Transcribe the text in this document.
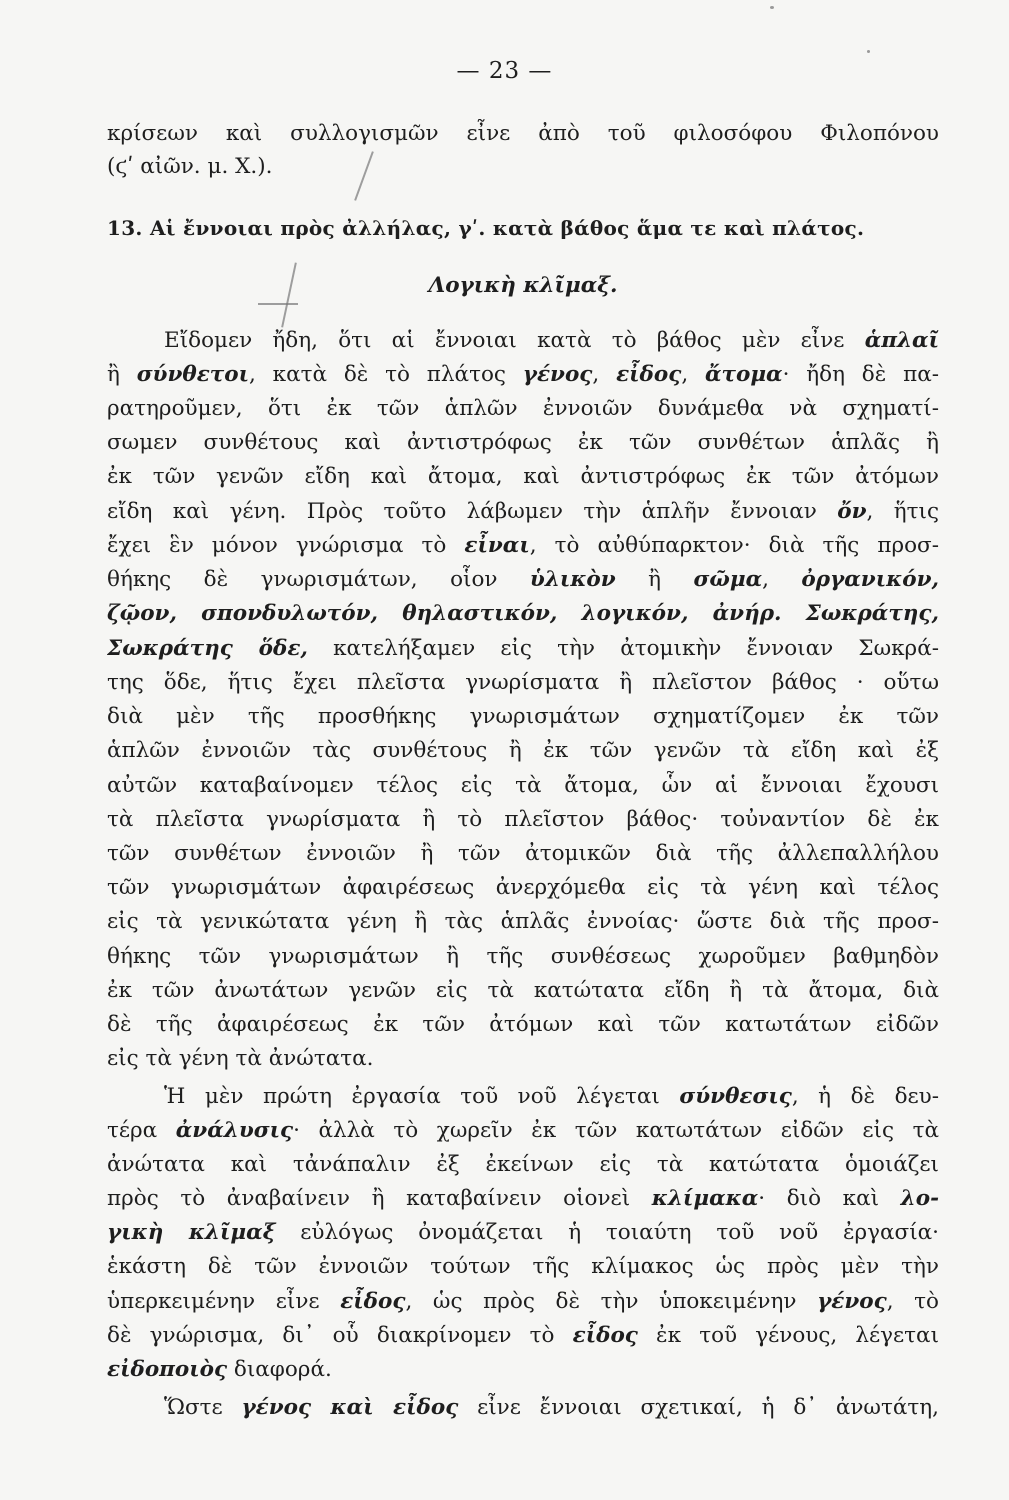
— 23 —
κρίσεων καὶ συλλογισμῶν εἶνε ἀπὸ τοῦ φιλοσόφου Φιλοπόνου
(ϛʹ αἰῶν. μ. Χ.).
13. Αἱ ἔννοιαι πρὸς ἀλλήλας, γʹ. κατὰ βάθος ἅμα τε καὶ πλάτος.
Λογικὴ κλῖμαξ.
Εἴδομεν ἤδη, ὅτι αἱ ἔννοιαι κατὰ τὸ βάθος μὲν εἶνε ἁπλαῖ
ἢ σύνθετοι, κατὰ δὲ τὸ πλάτος γένος, εἶδος, ἄτομα· ἤδη δὲ πα-
ρατηροῦμεν, ὅτι ἐκ τῶν ἁπλῶν ἐννοιῶν δυνάμεθα νὰ σχηματί-
σωμεν συνθέτους καὶ ἀντιστρόφως ἐκ τῶν συνθέτων ἁπλᾶς ἢ
ἐκ τῶν γενῶν εἴδη καὶ ἄτομα, καὶ ἀντιστρόφως ἐκ τῶν ἀτόμων
εἴδη καὶ γένη. Πρὸς τοῦτο λάβωμεν τὴν ἁπλῆν ἔννοιαν ὄν, ἥτις
ἔχει ἓν μόνον γνώρισμα τὸ εἶναι, τὸ αὐθύπαρκτον· διὰ τῆς προσ-
θήκης δὲ γνωρισμάτων, οἷον ὑλικὸν ἢ σῶμα, ὀργανικόν,
ζῷον, σπονδυλωτόν, θηλαστικόν, λογικόν, ἀνήρ. Σωκράτης,
Σωκράτης ὅδε, κατελήξαμεν εἰς τὴν ἀτομικὴν ἔννοιαν Σωκρά-
της ὅδε, ἥτις ἔχει πλεῖστα γνωρίσματα ἢ πλεῖστον βάθος · οὕτω
διὰ μὲν τῆς προσθήκης γνωρισμάτων σχηματίζομεν ἐκ τῶν
ἁπλῶν ἐννοιῶν τὰς συνθέτους ἢ ἐκ τῶν γενῶν τὰ εἴδη καὶ ἐξ
αὐτῶν καταβαίνομεν τέλος εἰς τὰ ἄτομα, ὧν αἱ ἔννοιαι ἔχουσι
τὰ πλεῖστα γνωρίσματα ἢ τὸ πλεῖστον βάθος· τοὐναντίον δὲ ἐκ
τῶν συνθέτων ἐννοιῶν ἢ τῶν ἀτομικῶν διὰ τῆς ἀλλεπαλλήλου
τῶν γνωρισμάτων ἀφαιρέσεως ἀνερχόμεθα εἰς τὰ γένη καὶ τέλος
εἰς τὰ γενικώτατα γένη ἢ τὰς ἁπλᾶς ἐννοίας· ὥστε διὰ τῆς προσ-
θήκης τῶν γνωρισμάτων ἢ τῆς συνθέσεως χωροῦμεν βαθμηδὸν
ἐκ τῶν ἀνωτάτων γενῶν εἰς τὰ κατώτατα εἴδη ἢ τὰ ἄτομα, διὰ
δὲ τῆς ἀφαιρέσεως ἐκ τῶν ἀτόμων καὶ τῶν κατωτάτων εἰδῶν
εἰς τὰ γένη τὰ ἀνώτατα.
Ἡ μὲν πρώτη ἐργασία τοῦ νοῦ λέγεται σύνθεσις, ἡ δὲ δευ-
τέρα ἀνάλυσις· ἀλλὰ τὸ χωρεῖν ἐκ τῶν κατωτάτων εἰδῶν εἰς τὰ
ἀνώτατα καὶ τἀνάπαλιν ἐξ ἐκείνων εἰς τὰ κατώτατα ὁμοιάζει
πρὸς τὸ ἀναβαίνειν ἢ καταβαίνειν οἱονεὶ κλίμακα· διὸ καὶ λο-
γικὴ κλῖμαξ εὐλόγως ὀνομάζεται ἡ τοιαύτη τοῦ νοῦ ἐργασία·
ἑκάστη δὲ τῶν ἐννοιῶν τούτων τῆς κλίμακος ὡς πρὸς μὲν τὴν
ὑπερκειμένην εἶνε εἶδος, ὡς πρὸς δὲ τὴν ὑποκειμένην γένος, τὸ
δὲ γνώρισμα, δι᾿ οὗ διακρίνομεν τὸ εἶδος ἐκ τοῦ γένους, λέγεται
εἰδοποιὸς διαφορά.
Ὥστε γένος καὶ εἶδος εἶνε ἔννοιαι σχετικαί, ἡ δ᾿ ἀνωτάτη,
